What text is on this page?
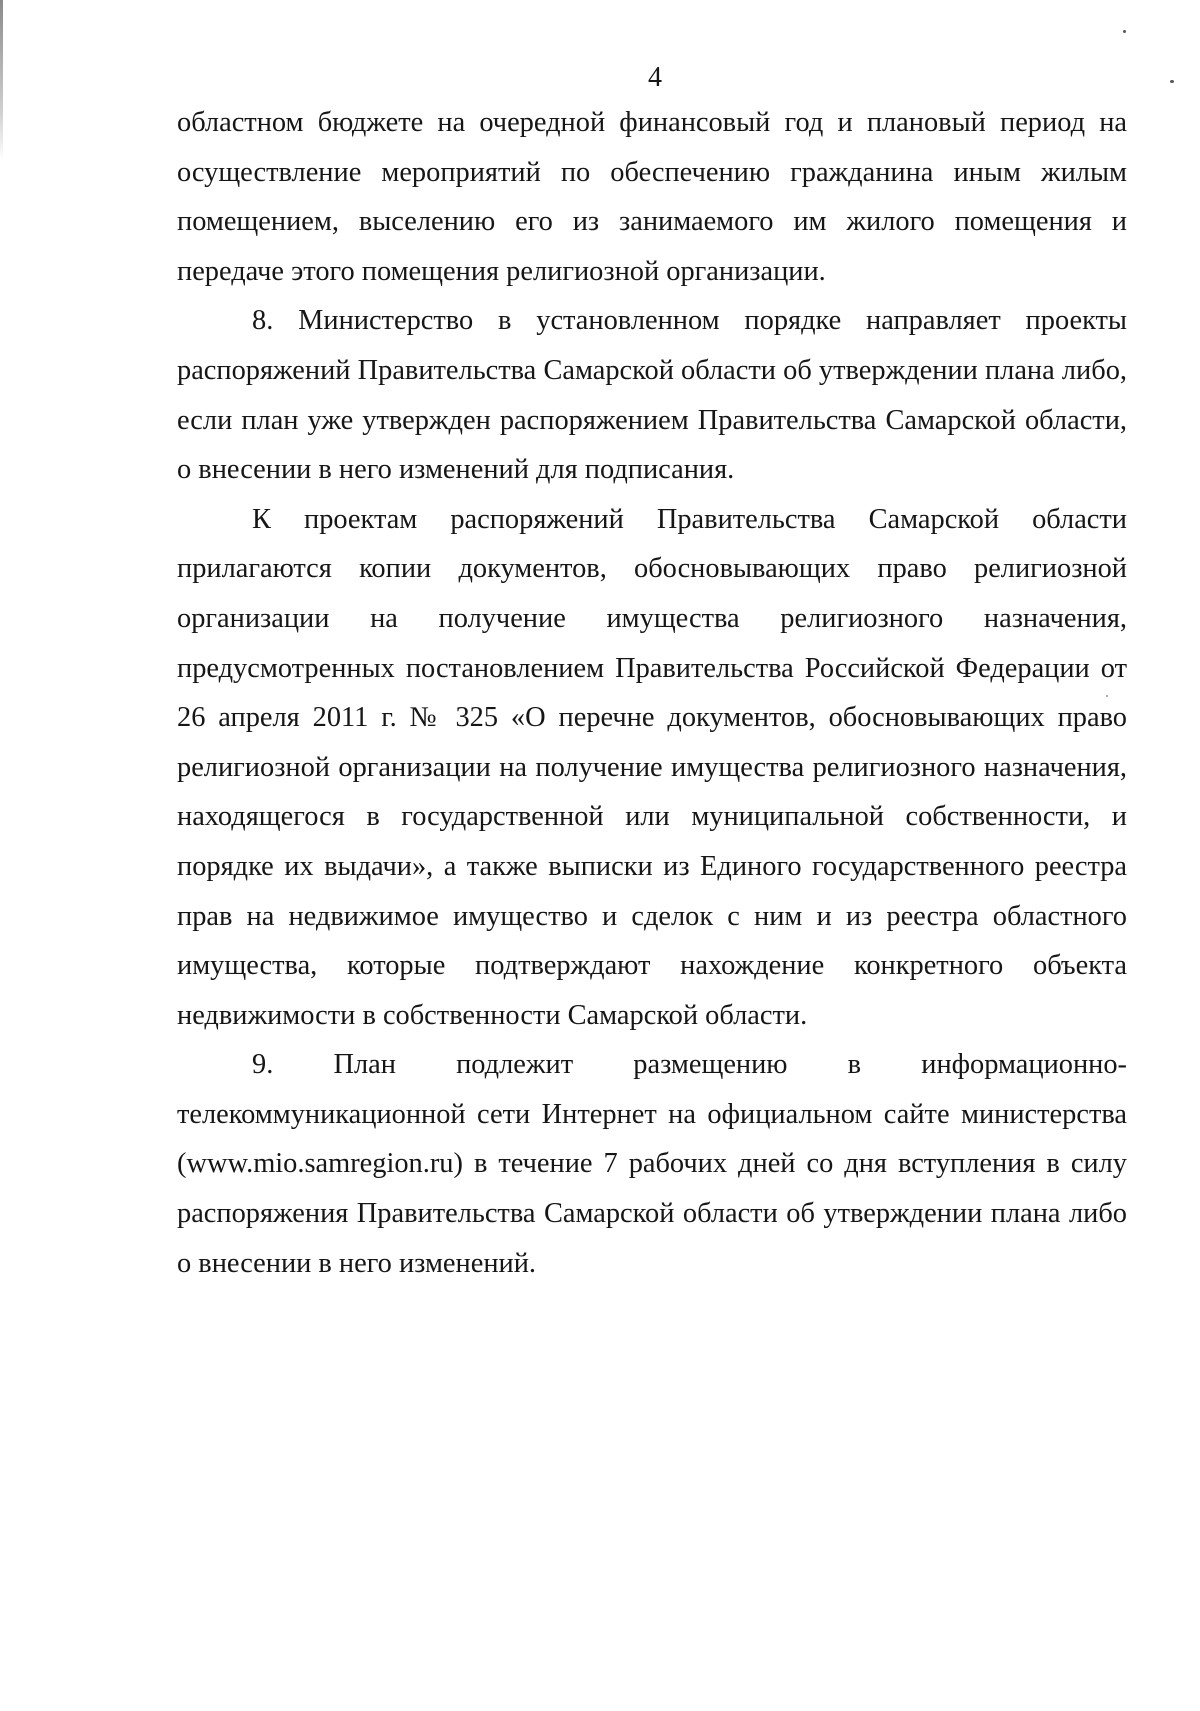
4

областном бюджете на очередной финансовый год и плановый период на осуществление мероприятий по обеспечению гражданина иным жилым помещением, выселению его из занимаемого им жилого помещения и передаче этого помещения религиозной организации.

8. Министерство в установленном порядке направляет проекты распоряжений Правительства Самарской области об утверждении плана либо, если план уже утвержден распоряжением Правительства Самарской области, о внесении в него изменений для подписания.

К проектам распоряжений Правительства Самарской области прилагаются копии документов, обосновывающих право религиозной организации на получение имущества религиозного назначения, предусмотренных постановлением Правительства Российской Федерации от 26 апреля 2011 г. № 325 «О перечне документов, обосновывающих право религиозной организации на получение имущества религиозного назначения, находящегося в государственной или муниципальной собственности, и порядке их выдачи», а также выписки из Единого государственного реестра прав на недвижимое имущество и сделок с ним и из реестра областного имущества, которые подтверждают нахождение конкретного объекта недвижимости в собственности Самарской области.

9. План подлежит размещению в информационно-телекоммуникационной сети Интернет на официальном сайте министерства (www.mio.samregion.ru) в течение 7 рабочих дней со дня вступления в силу распоряжения Правительства Самарской области об утверждении плана либо о внесении в него изменений.
